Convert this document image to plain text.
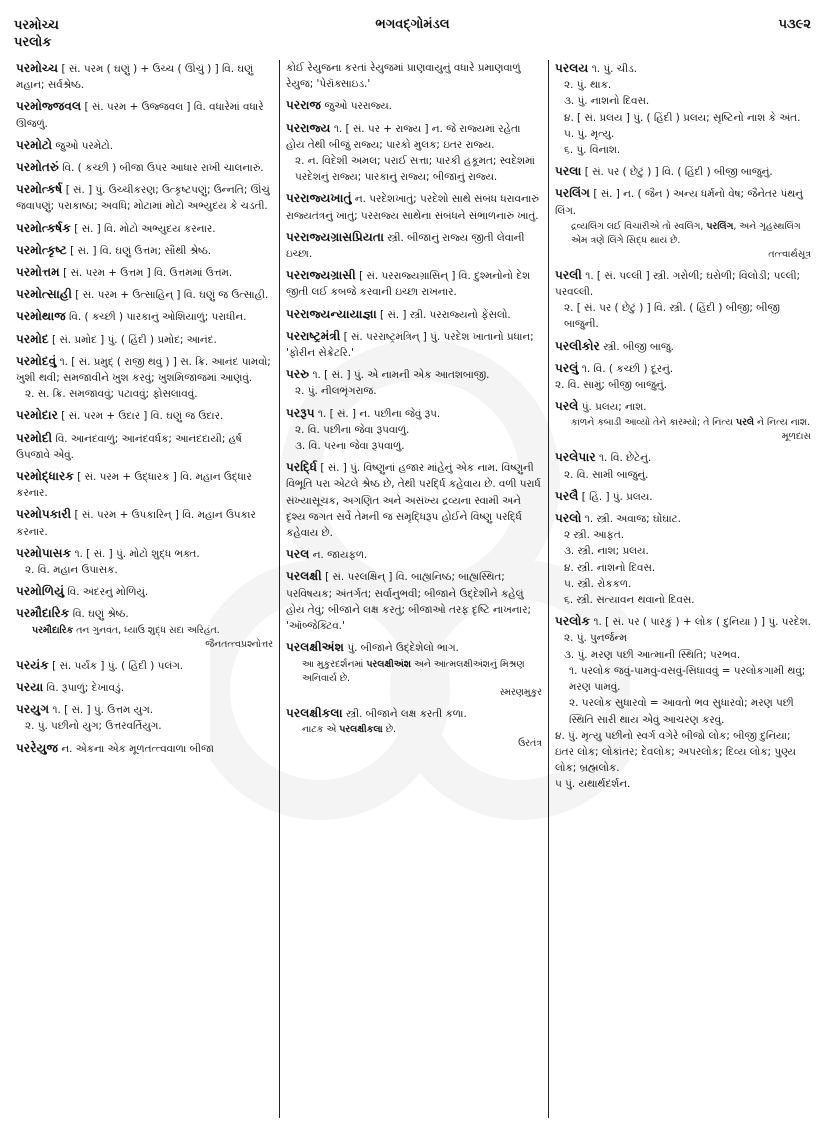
પરમોચ્ચ
પરલોક
ભગવદ્ગોમંડલ	૫૩૯૨
પરમોચ્ચ [ સં. પરમ ( ઘણું ) + ઉચ્ચ ( ઊંચું ) ] વિ. ઘણું મહાન; સર્વશ્રેષ્ઠ.
પરમોજ્જવલ [ સં. પરમ + ઉજ્જવલ ] વિ. વધારેમાં વધારે ઊજળું.
પરમોટો જુઓ પરમેટો.
પરમોતરું વિ. ( કચ્છી ) બીજા ઉપર આધાર રાખી ચાલનારું.
પરમોત્કર્ષ [ સં. ] પું. ઉચ્ચીકરણ; ઉત્કૃષ્ટપણું; ઉન્નતિ; ઊંચું જવાપણું; પરાકાષ્ઠા; અવધિ; મોટામાં મોટો અભ્યુદય કે ચડતી.
પરમોત્કર્ષક [ સં. ] વિ. મોટો અભ્યુદય કરનાર.
પરમોત્કૃષ્ટ [ સં. ] વિ. ઘણું ઉત્તમ; સૌથી શ્રેષ્ઠ.
પરમોત્તમ [ સં. પરમ + ઉત્તમ ] વિ. ઉત્તમમાં ઉત્તમ.
પરમોત્સાહી [ સં. પરમ + ઉત્સાહિન્ ] વિ. ઘણું જ ઉત્સાહી.
પરમોથાજ વિ. ( કચ્છી ) પારકાનું ઓશિયાળું; પરાધીન.
પરમોદ [ સં. પ્રમોદ ] પું. ( હિંદી ) પ્રમોદ; આનંદ.
પરમોદવું ૧. [ સં. પ્રમુદ્ ( રાજી થવું ) ] સ. ક્રિ. આનંદ પામવો; ખુશી થવી; સમજાવીને ખુશ કરવું; ખુશમિજાજમાં આણવું.
૨. સ. ક્રિ. સમજાવવું; પટાવવું; ફોસલાવવું.
પરમોદાર [ સં. પરમ + ઉદાર ] વિ. ઘણું જ ઉદાર.
પરમોદી વિ. આનંદવાળું; આનંદવર્ધક; આનંદદાયી; હર્ષ ઉપજાવે એવું.
પરમોદ્ધારક [ સં. પરમ + ઉદ્ધારક ] વિ. મહાન ઉદ્ધાર કરનાર.
પરમોપકારી [ સં. પરમ + ઉપકારિન્ ] વિ. મહાન ઉપકાર કરનાર.
પરમોપાસક ૧. [ સં. ] પું. મોટો શુદ્ધ ભક્ત.
૨. વિ. મહાન ઉપાસક.
પરમોળિયું વિ. અંદરનું મોળિયું.
પરમૌદારિક વિ. ઘણું શ્રેષ્ઠ.
પરમૌદારિક તન ગુનવંત, ધ્યાઉ શુદ્ધ સદા અરિહંત.
જૈનતત્ત્વપ્રશ્નોત્તર
પરયંક [ સં. પર્યંક ] પું. ( હિંદી ) પલંગ.
પરયા વિ. રૂપાળું; દેખાવડું.
પરયુગ ૧. [ સં. ] પું. ઉત્તમ યુગ.
૨. પું. પછીનો યુગ; ઉત્તરવર્તિયુગ.
પરરેયુજ ન. એકના એક મૂળતત્ત્વવાળા બીજા
કોઈ રેયુજના કરતાં રેયુજમાં પ્રાણવાયુનું વધારે પ્રમાણવાળું રેયુજ; 'પેરૉક્સાઇડ.'
પરરાજ જુઓ પરરાજ્ય.
પરરાજ્ય ૧. [ સં. પર + રાજ્ય ] ન. જે રાજ્યમાં રહેતા હોય તેથી બીજું રાજ્ય; પારકો મુલક; ઇતર રાજ્ય.
૨. ન. વિદેશી અમલ; પરાઈ સત્તા; પારકી હકૂમત; સ્વદેશમાં પરદેશનું રાજ્ય; પારકાનું રાજ્ય; બીજાનું રાજ્ય.
પરરાજ્યખાતું ન. પરદેશખાતું; પરદેશો સાથે સંબંધ ધરાવનારું રાજ્યતંત્રનું ખાતું; પરરાજ્ય સાથેના સંબંધને સંભાળનારું ખાતું.
પરરાજ્યગ્રાસપ્રિયતા સ્ત્રી. બીજાનું રાજ્ય જીતી લેવાની ઇચ્છા.
પરરાજ્યગ્રાસી [ સં. પરરાજ્યગ્રાસિન્ ] વિ. દુશ્મનોનો દેશ જીતી લઈ કબજે કરવાની ઇચ્છા રાખનાર.
પરરાજ્યન્યાયાજ્ઞા [ સં. ] સ્ત્રી. પરરાજ્યનો ફેંસલો.
પરરાષ્ટ્રમંત્રી [ સં. પરરાષ્ટ્રમંત્રિન્ ] પું. પરદેશ ખાતાનો પ્રધાન; 'ફોરીન સેક્રેટરિ.'
પરરુ ૧. [ સં. ] પું. એ નામની એક આતશબાજી.
૨. પું. નીલભૃંગરાજ.
પરરૂપ ૧. [ સં. ] ન. પછીના જેવું રૂપ.
૨. વિ. પછીના જેવા રૂપવાળું.
૩. વિ. પરના જેવા રૂપવાળું.
પરર્દ્ધિ [ સં. ] પું. વિષ્ણુનાં હજાર માંહેનું એક નામ. વિષ્ણુની વિભૂતિ પરા એટલે શ્રેષ્ઠ છે, તેથી પરર્દ્ધિ કહેવાય છે. વળી પરાર્ધ સંખ્યાસૂચક, અગણિત અને અસંખ્ય દ્રવ્યના સ્વામી અને દૃશ્ય જગત સર્વે તેમની જ સમૃદ્ધિરૂપ હોઈને વિષ્ણુ પરર્દ્ધિ કહેવાય છે.
પરલ ન. જાયફળ.
પરલક્ષી [ સં. પરલક્ષિન્ ] વિ. બાહ્યનિષ્ઠ; બાહ્યસ્થિત; પરવિષયક; અંતર્ગત; સર્વાનુભવી; બીજાને ઉદ્દેશીને કહેલું હોય તેવું; બીજાને લક્ષ કરતું; બીજાઓ તરફ દૃષ્ટિ નાખનાર; 'ઑબ્જેક્ટિવ.'
પરલક્ષીઅંશ પું. બીજાને ઉદ્દેશેલો ભાગ.
આ મુકુરદર્શનમાં પરલક્ષીઅંશ અને આત્મલક્ષીઅંશનું મિશ્રણ અનિવાર્ય છે.
સ્મરણમુકુર
પરલક્ષીકલા સ્ત્રી. બીજાને લક્ષ કરતી કળા.
નાટક એ પરલક્ષીકલા છે.
ઉરતંત્ર
પરલય ૧. પું. ચીડ.
૨. પું. થાક.
૩. પું. નાશનો દિવસ.
૪. [ સં. પ્રલય ] પું. ( હિંદી ) પ્રલય; સૃષ્ટિનો નાશ કે અંત.
૫. પું. મૃત્યુ.
૬. પું. વિનાશ.
પરલા [ સં. પર ( છેટું ) ] વિ. ( હિંદી ) બીજી બાજુનું.
પરલિંગ [ સં. ] ન. ( જૈન ) અન્ય ધર્મનો વેષ; જૈનેતર પંથનું લિંગ.
દ્રવ્યલિંગ લઈ વિચારીએ તો સ્વલિંગ, પરલિંગ, અને ગૃહસ્થલિંગ એમ ત્રણે લિંગે સિદ્ધ થાય છે.
તત્ત્વાર્થસૂત્ર
પરલી ૧. [ સં. પલ્લી ] સ્ત્રી. ગરોળી; ઘરોળી; વિલોડી; પલ્લી; પરવલ્લી.
૨. [ સં. પર ( છેટું ) ] વિ. સ્ત્રી. ( હિંદી ) બીજી; બીજી બાજુની.
પરલીકોર સ્ત્રી. બીજી બાજુ.
પરલું ૧. વિ. ( કચ્છી ) દૂરનું.
૨. વિ. સામું; બીજી બાજુનું.
પરલે પું. પ્રલય; નાશ.
કાળને કબાડી આવ્યો તેને કારમ્યો; તે નિત્ય પરલે ને નિત્ય નાશ.
મૂળદાસ
પરલેપાર ૧. વિ. છેટેનું.
૨. વિ. સામી બાજુનું.
પરલૈ [ હિં. ] પું. પ્રલય.
પરલો ૧. સ્ત્રી. અવાજ; ઘોંઘાટ.
૨ સ્ત્રી. આફત.
૩. સ્ત્રી. નાશ; પ્રલય.
૪. સ્ત્રી. નાશનો દિવસ.
૫. સ્ત્રી. રોકકળ.
૬. સ્ત્રી. સત્યાવન થવાનો દિવસ.
પરલોક ૧. [ સં. પર ( પારકું ) + લોક ( દુનિયા ) ] પું. પરદેશ.
૨. પું. પુનર્જન્મ
૩. પું. મરણ પછી આત્માની સ્થિતિ; પરભવ.
૧. પરલોક જવું-પામવું-વસવું-સિધાવવું = પરલોકગામી થવું; મરણ પામવું.
૨. પરલોક સુધારવો = આવતો ભવ સુધારવો; મરણ પછી સ્થિતિ સારી થાય એવું આચરણ કરવું.
૪. પું. મૃત્યુ પછીનો સ્વર્ગ વગેરે બીજો લોક; બીજી દુનિયા; ઇતર લોક; લોકાંતર; દેવલોક; અપરલોક; દિવ્ય લોક; પુણ્ય લોક; બ્રહ્મલોક.
૫ પું. યથાર્થદર્શન.
